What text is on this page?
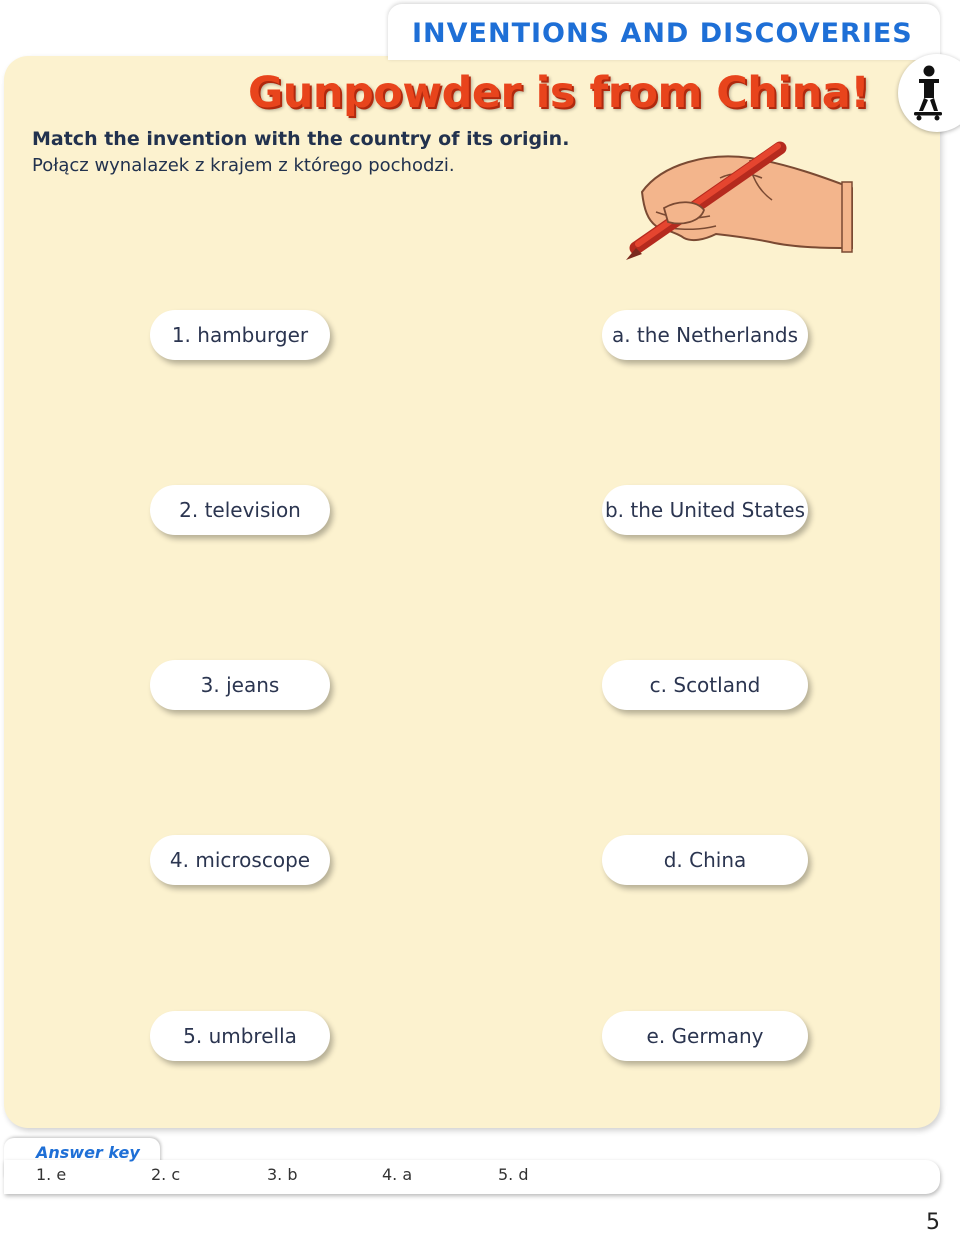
INVENTIONS AND DISCOVERIES
Gunpowder is from China!
Match the invention with the country of its origin.
Połącz wynalazek z krajem z którego pochodzi.
1. hamburger
2. television
3. jeans
4. microscope
5. umbrella
a. the Netherlands
b. the United States
c. Scotland
d. China
e. Germany
Answer key
1. e	2. c	3. b	4. a	5. d
5
